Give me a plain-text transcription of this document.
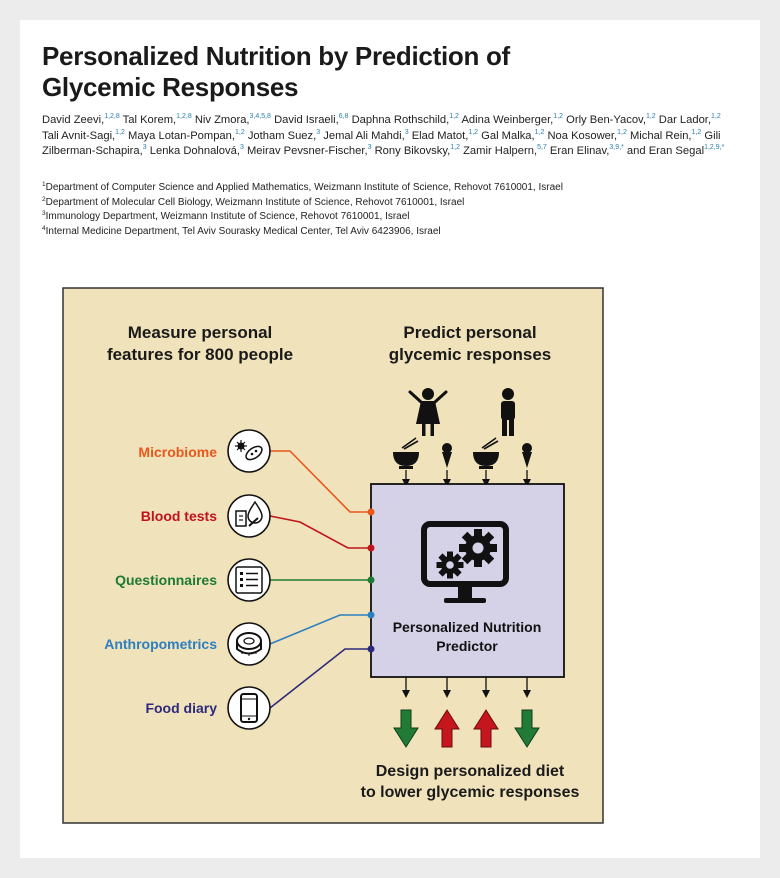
Personalized Nutrition by Prediction of Glycemic Responses
David Zeevi,$^{1,2,8}$ Tal Korem,$^{1,2,8}$ Niv Zmora,$^{3,4,5,8}$ David Israeli,$^{6,8}$ Daphna Rothschild,$^{1,2}$ Adina Weinberger,$^{1,2}$ Orly Ben-Yacov,$^{1,2}$ Dar Lador,$^{1,2}$ Tali Avnit-Sagi,$^{1,2}$ Maya Lotan-Pompan,$^{1,2}$ Jotham Suez,$^3$ Jemal Ali Mahdi,$^3$ Elad Matot,$^{1,2}$ Gal Malka,$^{1,2}$ Noa Kosower,$^{1,2}$ Michal Rein,$^{1,2}$ Gili Zilberman-Schapira,$^3$ Lenka Dohnalová,$^3$ Meirav Pevsner-Fischer,$^3$ Rony Bikovsky,$^{1,2}$ Zamir Halpern,$^{5,7}$ Eran Elinav,$^{3,9,*}$ and Eran Segal$^{1,2,9,*}$
$^1$Department of Computer Science and Applied Mathematics, Weizmann Institute of Science, Rehovot 7610001, Israel
$^2$Department of Molecular Cell Biology, Weizmann Institute of Science, Rehovot 7610001, Israel
$^3$Immunology Department, Weizmann Institute of Science, Rehovot 7610001, Israel
$^4$Internal Medicine Department, Tel Aviv Sourasky Medical Center, Tel Aviv 6423906, Israel
Measure personal
features for 800 people
Predict personal
glycemic responses
Personalized Nutrition
Predictor
Design personalized diet
to lower glycemic responses
Microbiome
Blood tests
Questionnaires
Anthropometrics
Food diary
